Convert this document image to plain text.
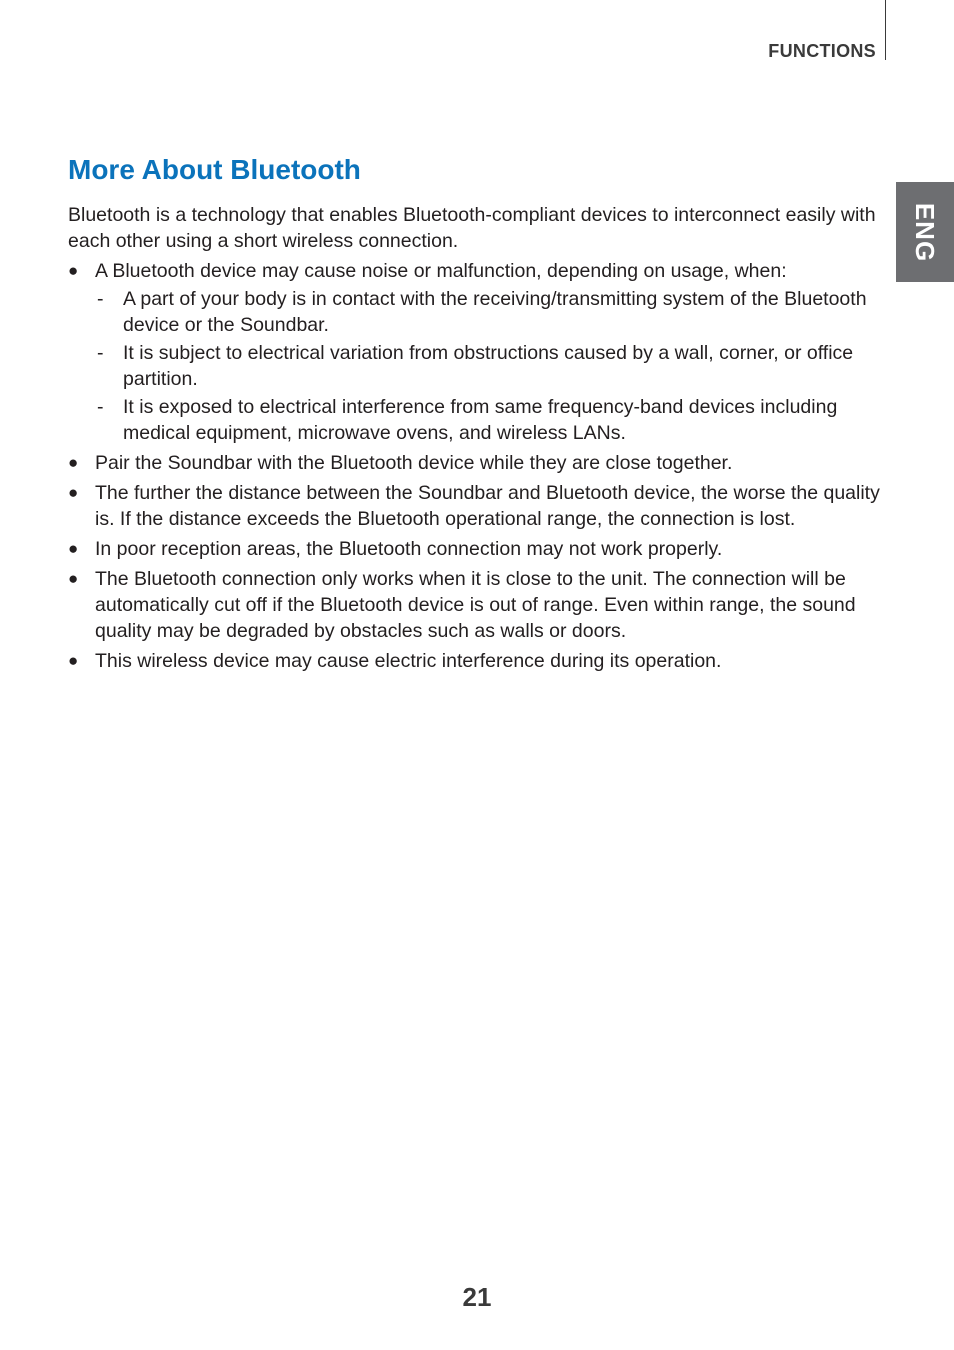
FUNCTIONS
ENG
More About Bluetooth

Bluetooth is a technology that enables Bluetooth-compliant devices to interconnect easily with each other using a short wireless connection.

● A Bluetooth device may cause noise or malfunction, depending on usage, when:
- A part of your body is in contact with the receiving/transmitting system of the Bluetooth device or the Soundbar.
- It is subject to electrical variation from obstructions caused by a wall, corner, or office partition.
- It is exposed to electrical interference from same frequency-band devices including medical equipment, microwave ovens, and wireless LANs.
● Pair the Soundbar with the Bluetooth device while they are close together.
● The further the distance between the Soundbar and Bluetooth device, the worse the quality is. If the distance exceeds the Bluetooth operational range, the connection is lost.
● In poor reception areas, the Bluetooth connection may not work properly.
● The Bluetooth connection only works when it is close to the unit. The connection will be automatically cut off if the Bluetooth device is out of range. Even within range, the sound quality may be degraded by obstacles such as walls or doors.
● This wireless device may cause electric interference during its operation.
21
